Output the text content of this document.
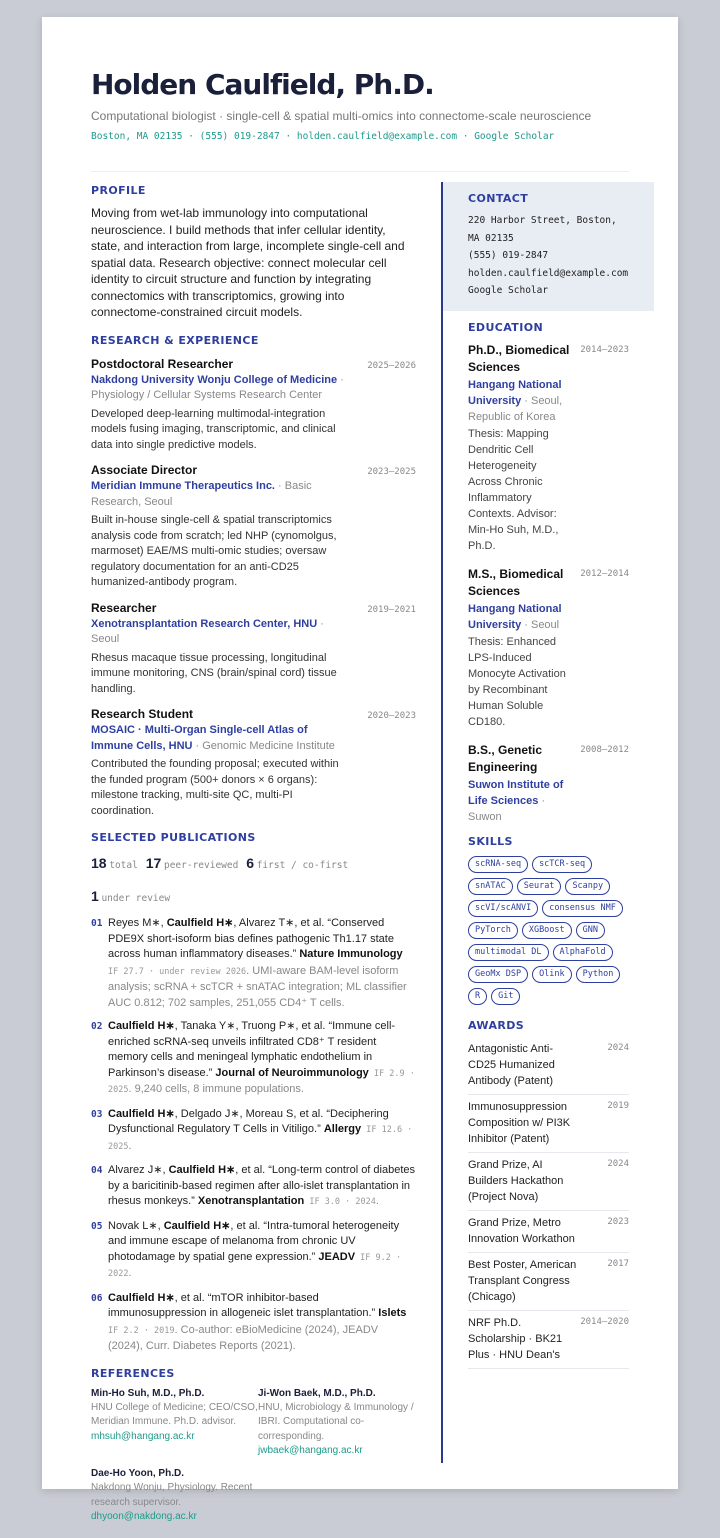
Holden Caulfield, Ph.D.
Computational biologist · single-cell & spatial multi-omics into connectome-scale neuroscience
Boston, MA 02135 · (555) 019-2847 · holden.caulfield@example.com · Google Scholar
PROFILE
Moving from wet-lab immunology into computational neuroscience. I build methods that infer cellular identity, state, and interaction from large, incomplete single-cell and spatial data. Research objective: connect molecular cell identity to circuit structure and function by integrating connectomics with transcriptomics, growing into connectome-constrained circuit models.
RESEARCH & EXPERIENCE
Postdoctoral Researcher	2025–2026
Nakdong University Wonju College of Medicine · Physiology / Cellular Systems Research Center
Developed deep-learning multimodal-integration models fusing imaging, transcriptomic, and clinical data into single predictive models.
Associate Director	2023–2025
Meridian Immune Therapeutics Inc. · Basic Research, Seoul
Built in-house single-cell & spatial transcriptomics analysis code from scratch; led NHP (cynomolgus, marmoset) EAE/MS multi-omic studies; oversaw regulatory documentation for an anti-CD25 humanized-antibody program.
Researcher	2019–2021
Xenotransplantation Research Center, HNU · Seoul
Rhesus macaque tissue processing, longitudinal immune monitoring, CNS (brain/spinal cord) tissue handling.
Research Student	2020–2023
MOSAIC · Multi-Organ Single-cell Atlas of Immune Cells, HNU · Genomic Medicine Institute
Contributed the founding proposal; executed within the funded program (500+ donors × 6 organs): milestone tracking, multi-site QC, multi-PI coordination.
SELECTED PUBLICATIONS
18 total 17 peer-reviewed 6 first / co-first
1 under review
01 Reyes M∗, Caulfield H∗, Alvarez T∗, et al. “Conserved PDE9X short-isoform bias defines pathogenic Th1.17 state across human inflammatory diseases.” Nature Immunology IF 27.7 · under review 2026. UMI-aware BAM-level isoform analysis; scRNA + scTCR + snATAC integration; ML classifier AUC 0.812; 702 samples, 251,055 CD4⁺ T cells.
02 Caulfield H∗, Tanaka Y∗, Truong P∗, et al. “Immune cell-enriched scRNA-seq unveils infiltrated CD8⁺ T resident memory cells and meningeal lymphatic endothelium in Parkinson’s disease.” Journal of Neuroimmunology IF 2.9 · 2025. 9,240 cells, 8 immune populations.
03 Caulfield H∗, Delgado J∗, Moreau S, et al. “Deciphering Dysfunctional Regulatory T Cells in Vitiligo.” Allergy IF 12.6 · 2025.
04 Alvarez J∗, Caulfield H∗, et al. “Long-term control of diabetes by a baricitinib-based regimen after allo-islet transplantation in rhesus monkeys.” Xenotransplantation IF 3.0 · 2024.
05 Novak L∗, Caulfield H∗, et al. “Intra-tumoral heterogeneity and immune escape of melanoma from chronic UV photodamage by spatial gene expression.” JEADV IF 9.2 · 2022.
06 Caulfield H∗, et al. “mTOR inhibitor-based immunosuppression in allogeneic islet transplantation.” Islets IF 2.2 · 2019. Co-author: eBioMedicine (2024), JEADV (2024), Curr. Diabetes Reports (2021).
REFERENCES
Min-Ho Suh, M.D., Ph.D.
HNU College of Medicine; CEO/CSO, Meridian Immune. Ph.D. advisor.
mhsuh@hangang.ac.kr
Ji-Won Baek, M.D., Ph.D.
HNU, Microbiology & Immunology / IBRI. Computational co-corresponding.
jwbaek@hangang.ac.kr
Dae-Ho Yoon, Ph.D.
Nakdong Wonju, Physiology. Recent research supervisor.
dhyoon@nakdong.ac.kr
CONTACT
220 Harbor Street, Boston, MA 02135
(555) 019-2847
holden.caulfield@example.com
Google Scholar
EDUCATION
Ph.D., Biomedical Sciences
Hangang National University · Seoul, Republic of Korea
Thesis: Mapping Dendritic Cell Heterogeneity Across Chronic Inflammatory Contexts. Advisor: Min-Ho Suh, M.D., Ph.D.
2014–2023
M.S., Biomedical Sciences
Hangang National University · Seoul
Thesis: Enhanced LPS-Induced Monocyte Activation by Recombinant Human Soluble CD180.
2012–2014
B.S., Genetic Engineering
Suwon Institute of Life Sciences · Suwon
2008–2012
SKILLS
scRNA-seq	scTCR-seq
snATAC	Seurat	Scanpy
scVI/scANVI	consensus NMF
PyTorch	XGBoost	GNN
multimodal DL	AlphaFold
GeoMx DSP	Olink	Python
R	Git
AWARDS
Antagonistic Anti-CD25 Humanized Antibody (Patent)
2024
Immunosuppression Composition w/ PI3K Inhibitor (Patent)
2019
Grand Prize, AI Builders Hackathon (Project Nova)
2024
Grand Prize, Metro Innovation Workathon
2023
Best Poster, American Transplant Congress (Chicago)
2017
NRF Ph.D. Scholarship · BK21 Plus · HNU Dean's
2014–2020
